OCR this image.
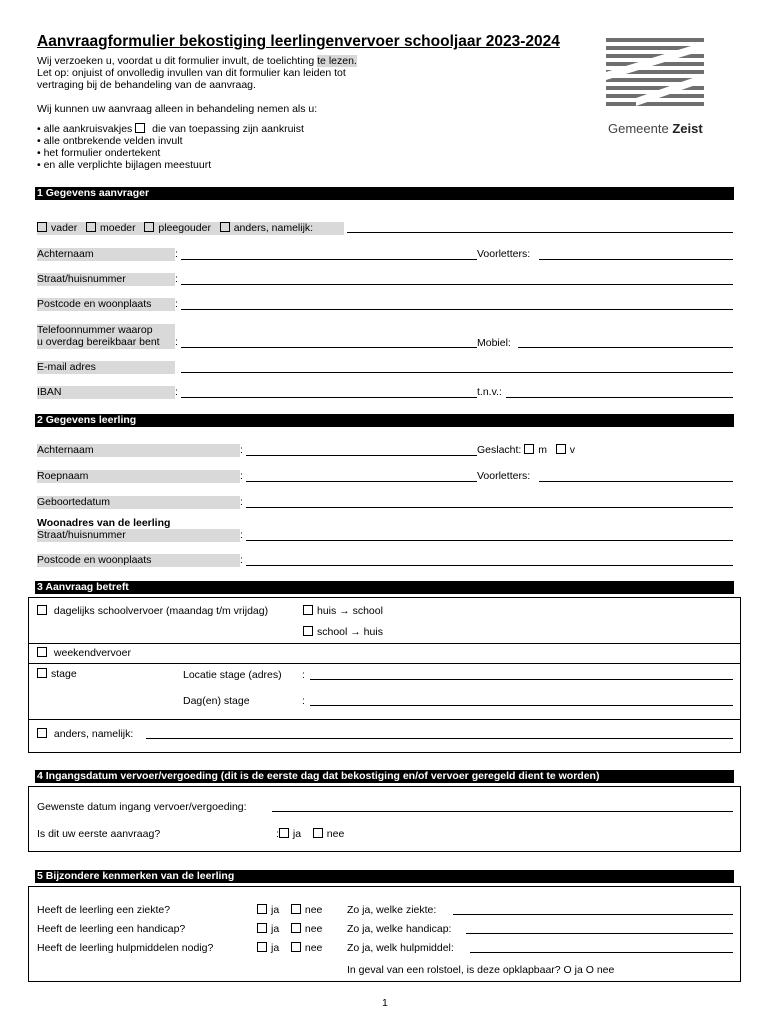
Aanvraagformulier bekostiging leerlingenvervoer schooljaar 2023-2024
Wij verzoeken u, voordat u dit formulier invult, de toelichting te lezen.
Let op: onjuist of onvolledig invullen van dit formulier kan leiden tot
vertraging bij de behandeling van de aanvraag.
Wij kunnen uw aanvraag alleen in behandeling nemen als u:
• alle aankruisvakjes  die van toepassing zijn aankruist
• alle ontbrekende velden invult
• het formulier ondertekent
• en alle verplichte bijlagen meestuurt
Gemeente Zeist
1 Gegevens aanvrager
vader moeder pleegouder anders, namelijk:
Achternaam	:	Voorletters:
Straat/huisnummer	:
Postcode en woonplaats	:
Telefoonnummer waarop
u overdag bereikbaar bent	:	Mobiel:
E-mail adres
IBAN	:	t.n.v.:
2 Gegevens leerling
Achternaam	:	Geslacht: m v
Roepnaam	:	Voorletters:
Geboortedatum	:
Woonadres van de leerling
Straat/huisnummer	:
Postcode en woonplaats	:
3 Aanvraag betreft
dagelijks schoolvervoer (maandag t/m vrijdag)	huis → school
school → huis
weekendvervoer
stage	Locatie stage (adres) :
Dag(en) stage	:
anders, namelijk:
4 Ingangsdatum vervoer/vergoeding (dit is de eerste dag dat bekostiging en/of vervoer geregeld dient te worden)
Gewenste datum ingang vervoer/vergoeding:
Is dit uw eerste aanvraag?	: ja nee
5 Bijzondere kenmerken van de leerling
Heeft de leerling een ziekte?	ja nee Zo ja, welke ziekte:
Heeft de leerling een handicap?	ja nee Zo ja, welke handicap:
Heeft de leerling hulpmiddelen nodig?	ja nee Zo ja, welk hulpmiddel:
In geval van een rolstoel, is deze opklapbaar? O ja O nee
1
